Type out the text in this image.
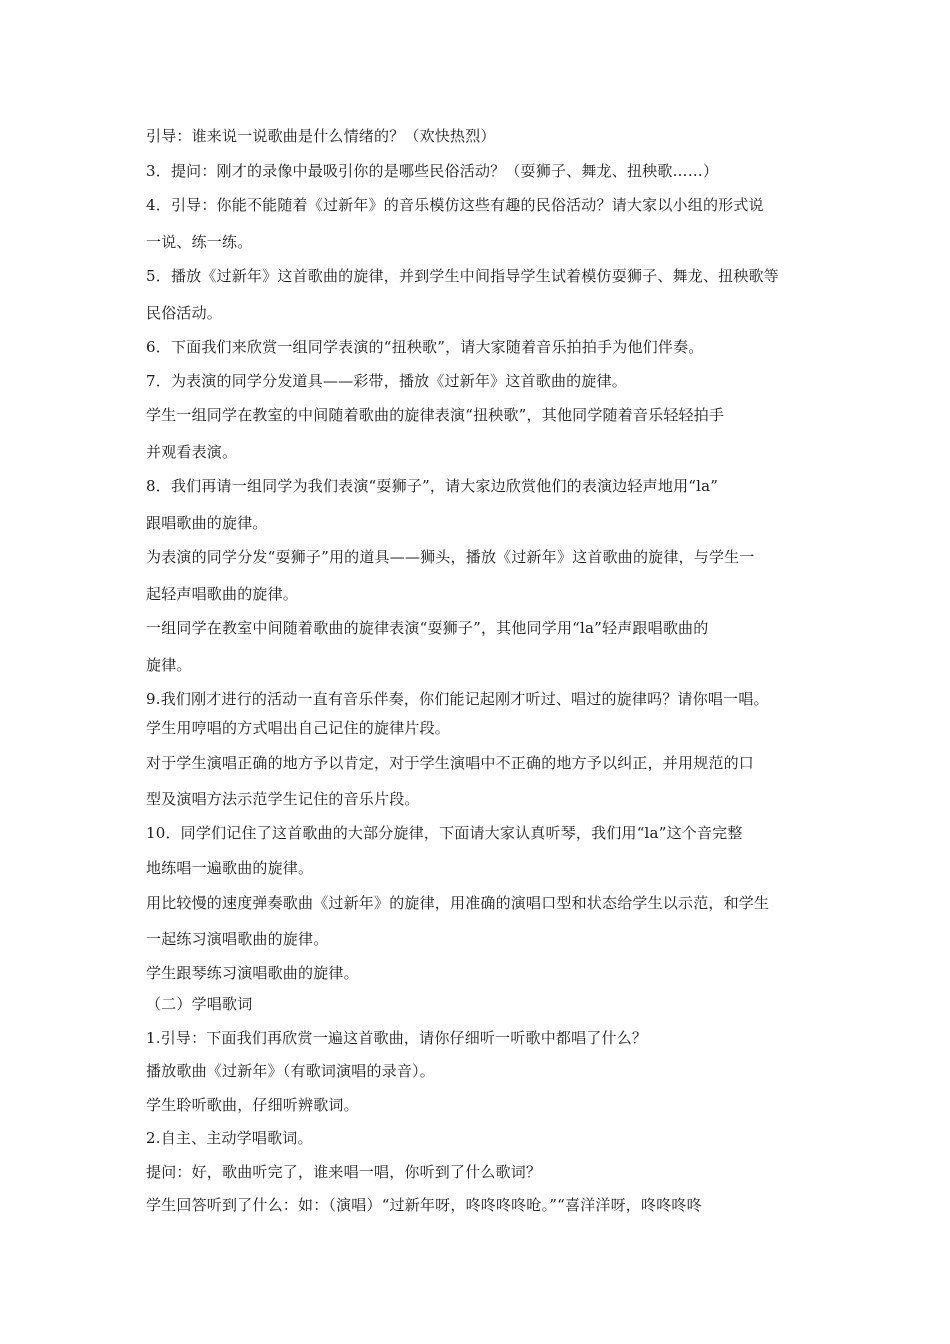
引导：谁来说一说歌曲是什么情绪的？（欢快热烈）
3．提问：刚才的录像中最吸引你的是哪些民俗活动？（耍狮子、舞龙、扭秧歌……）
4．引导：你能不能随着《过新年》的音乐模仿这些有趣的民俗活动？请大家以小组的形式说
一说、练一练。
5．播放《过新年》这首歌曲的旋律，并到学生中间指导学生试着模仿耍狮子、舞龙、扭秧歌等
民俗活动。
6．下面我们来欣赏一组同学表演的“扭秧歌”，请大家随着音乐拍拍手为他们伴奏。
7．为表演的同学分发道具——彩带，播放《过新年》这首歌曲的旋律。
学生一组同学在教室的中间随着歌曲的旋律表演“扭秧歌”，其他同学随着音乐轻轻拍手
并观看表演。
8．我们再请一组同学为我们表演“耍狮子”，请大家边欣赏他们的表演边轻声地用“la”
跟唱歌曲的旋律。
为表演的同学分发“耍狮子”用的道具——狮头，播放《过新年》这首歌曲的旋律，与学生一
起轻声唱歌曲的旋律。
一组同学在教室中间随着歌曲的旋律表演“耍狮子”，其他同学用“la”轻声跟唱歌曲的
旋律。
9.我们刚才进行的活动一直有音乐伴奏，你们能记起刚才听过、唱过的旋律吗？请你唱一唱。
学生用哼唱的方式唱出自己记住的旋律片段。
对于学生演唱正确的地方予以肯定，对于学生演唱中不正确的地方予以纠正，并用规范的口
型及演唱方法示范学生记住的音乐片段。
10．同学们记住了这首歌曲的大部分旋律，下面请大家认真听琴，我们用“la”这个音完整
地练唱一遍歌曲的旋律。
用比较慢的速度弹奏歌曲《过新年》的旋律，用准确的演唱口型和状态给学生以示范，和学生
一起练习演唱歌曲的旋律。
学生跟琴练习演唱歌曲的旋律。
（二）学唱歌词
1.引导：下面我们再欣赏一遍这首歌曲，请你仔细听一听歌中都唱了什么？
播放歌曲《过新年》（有歌词演唱的录音）。
学生聆听歌曲，仔细听辨歌词。
2.自主、主动学唱歌词。
提问：好，歌曲听完了，谁来唱一唱，你听到了什么歌词？
学生回答听到了什么：如：（演唱）“过新年呀，咚咚咚咚呛。”“喜洋洋呀，咚咚咚咚
